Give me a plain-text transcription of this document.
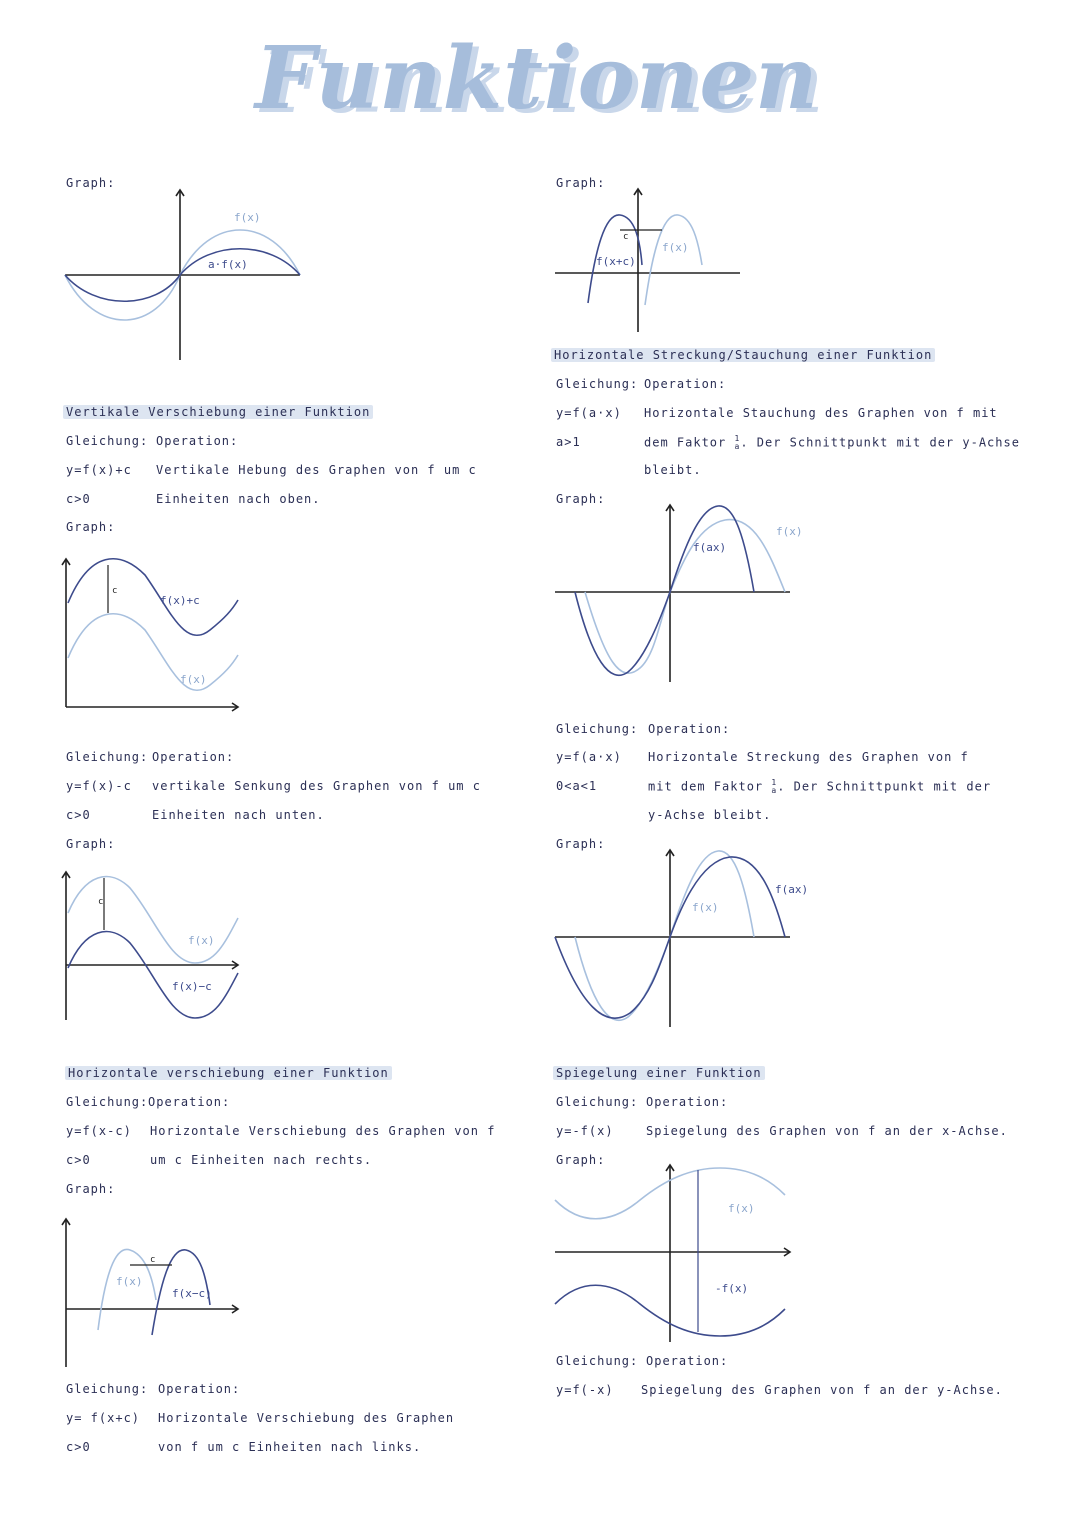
Funktionen
Graph:
f(x)
a·f(x)
Vertikale Verschiebung einer Funktion
Gleichung: Operation:
y=f(x)+c Vertikale Hebung des Graphen von f um c
c>0	Einheiten nach oben.
Graph:
c
f(x)+c
f(x)
Gleichung: Operation:
y=f(x)-c vertikale Senkung des Graphen von f um c
c>0	Einheiten nach unten.
Graph:
c
f(x)
f(x)−c
Horizontale verschiebung einer Funktion
Gleichung: Operation:
y=f(x-c) Horizontale Verschiebung des Graphen von f
c>0	um c Einheiten nach rechts.
Graph:
c
f(x)
f(x−c)
Gleichung: Operation:
y= f(x+c) Horizontale Verschiebung des Graphen
c>0	von f um c Einheiten nach links.
Graph:
c
f(x+c)
f(x)
Horizontale Streckung/Stauchung einer Funktion
Gleichung: Operation:
y=f(a·x) Horizontale Stauchung des Graphen von f mit
a>1	dem Faktor 1
a. Der Schnittpunkt mit der y-Achse
bleibt.
Graph:
f(ax)
f(x)
Gleichung: Operation:
y=f(a·x) Horizontale Streckung des Graphen von f
0<a<1	mit dem Faktor 1
a. Der Schnittpunkt mit der
y-Achse bleibt.
Graph:
f(x)
f(ax)
Spiegelung einer Funktion
Gleichung: Operation:
y=-f(x)	Spiegelung des Graphen von f an der x-Achse.
Graph:
f(x)
-f(x)
Gleichung: Operation:
y=f(-x) Spiegelung des Graphen von f an der y-Achse.
